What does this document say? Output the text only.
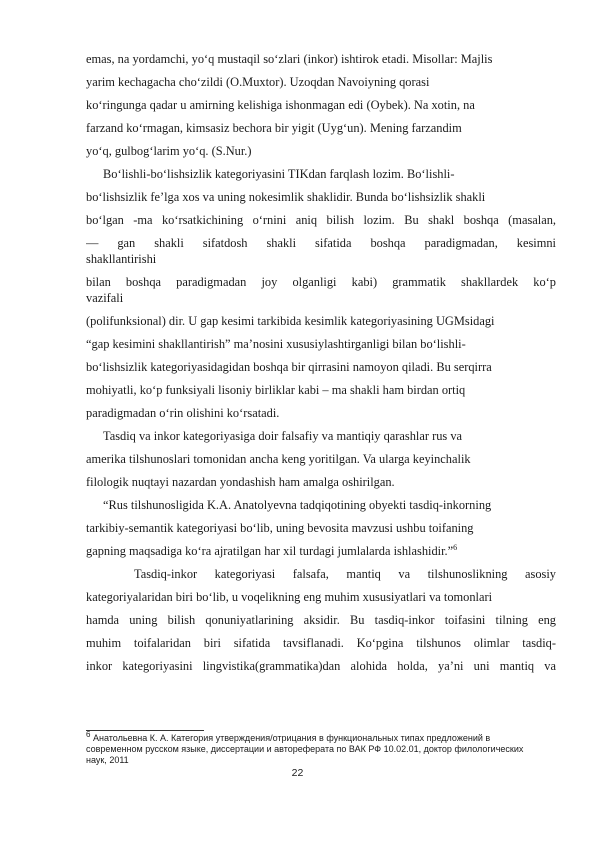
emas, na yordamchi, yoʻq mustaqil soʻzlari (inkor) ishtirok etadi. Misollar: Majlis
yarim kechagacha choʻzildi (O.Muxtor). Uzoqdan Navoiyning qorasi
koʻringunga qadar u amirning kelishiga ishonmagan edi (Oybek). Na xotin, na
farzand koʻrmagan, kimsasiz bechora bir yigit (Uygʻun). Mening farzandim
yoʻq, gulbogʻlarim yoʻq. (S.Nur.)
Boʻlishli-boʻlishsizlik kategoriyasini TIKdan farqlash lozim. Boʻlishli-
boʻlishsizlik feʼlga xos va uning nokesimlik shaklidir. Bunda boʻlishsizlik shakli
boʻlgan -ma koʻrsatkichining oʻrnini aniq bilish lozim. Bu shakl boshqa (masalan,
— gan shakli sifatdosh shakli sifatida boshqa paradigmadan, kesimni
shakllantirishi
bilan boshqa paradigmadan joy olganligi kabi) grammatik shakllardek koʻp
vazifali
(polifunksional) dir. U gap kesimi tarkibida kesimlik kategoriyasining UGMsidagi
“gap kesimini shakllantirish” maʼnosini xususiylashtirganligi bilan boʻlishli-
boʻlishsizlik kategoriyasidagidan boshqa bir qirrasini namoyon qiladi. Bu serqirra
mohiyatli, koʻp funksiyali lisoniy birliklar kabi – ma shakli ham birdan ortiq
paradigmadan oʻrin olishini koʻrsatadi.
Tasdiq va inkor kategoriyasiga doir falsafiy va mantiqiy qarashlar rus va
amerika tilshunoslari tomonidan ancha keng yoritilgan. Va ularga keyinchalik
filologik nuqtayi nazardan yondashish ham amalga oshirilgan.
“Rus tilshunosligida K.A. Anatolyevna tadqiqotining obyekti tasdiq-inkorning
tarkibiy-semantik kategoriyasi boʻlib, uning bevosita mavzusi ushbu toifaning
gapning maqsadiga koʻra ajratilgan har xil turdagi jumlalarda ishlashidir.”$^6$
Tasdiq-inkor kategoriyasi falsafa, mantiq va tilshunoslikning asosiy
kategoriyalaridan biri boʻlib, u voqelikning eng muhim xususiyatlari va tomonlari
hamda uning bilish qonuniyatlarining aksidir. Bu tasdiq-inkor toifasini tilning eng
muhim toifalaridan biri sifatida tavsiflanadi. Koʻpgina tilshunos olimlar tasdiq-
inkor kategoriyasini lingvistika(grammatika)dan alohida holda, yaʼni uni mantiq va
$^6$ Анатольевна К. А. Категория утверждения/отрицания в функциональных типах предложений в
современном русском языке, диссертации и автореферата по ВАК РФ 10.02.01, доктор филологических
наук, 2011
22
